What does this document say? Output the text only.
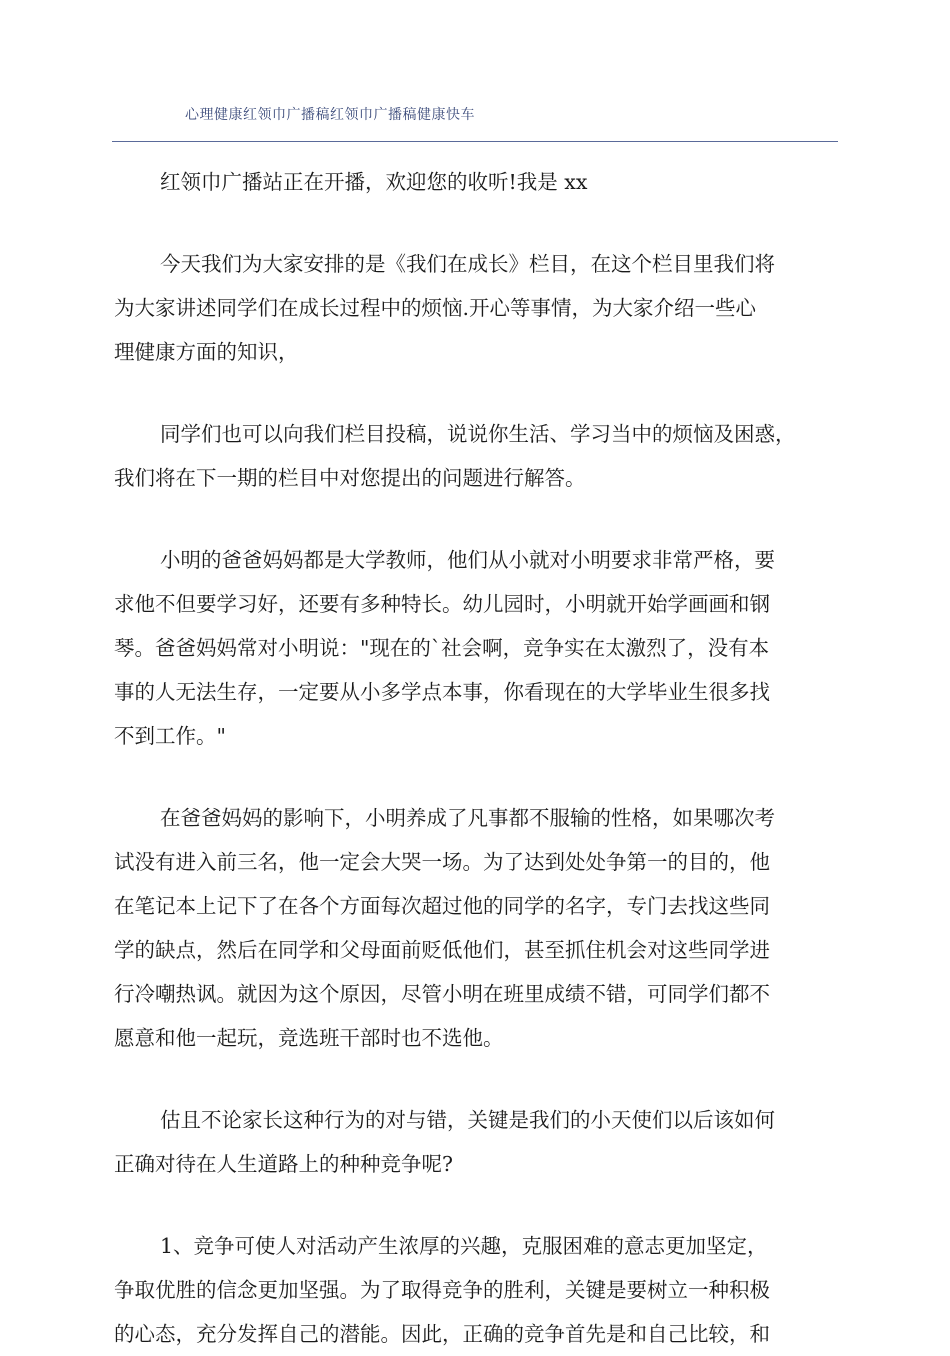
心理健康红领巾广播稿红领巾广播稿健康快车
红领巾广播站正在开播，欢迎您的收听!我是 xx
今天我们为大家安排的是《我们在成长》栏目，在这个栏目里我们将
为大家讲述同学们在成长过程中的烦恼.开心等事情，为大家介绍一些心
理健康方面的知识，
同学们也可以向我们栏目投稿，说说你生活、学习当中的烦恼及困惑，
我们将在下一期的栏目中对您提出的问题进行解答。
小明的爸爸妈妈都是大学教师，他们从小就对小明要求非常严格，要
求他不但要学习好，还要有多种特长。幼儿园时，小明就开始学画画和钢
琴。爸爸妈妈常对小明说："现在的`社会啊，竞争实在太激烈了，没有本
事的人无法生存，一定要从小多学点本事，你看现在的大学毕业生很多找
不到工作。"
在爸爸妈妈的影响下，小明养成了凡事都不服输的性格，如果哪次考
试没有进入前三名，他一定会大哭一场。为了达到处处争第一的目的，他
在笔记本上记下了在各个方面每次超过他的同学的名字，专门去找这些同
学的缺点，然后在同学和父母面前贬低他们，甚至抓住机会对这些同学进
行冷嘲热讽。就因为这个原因，尽管小明在班里成绩不错，可同学们都不
愿意和他一起玩，竞选班干部时也不选他。
估且不论家长这种行为的对与错，关键是我们的小天使们以后该如何
正确对待在人生道路上的种种竞争呢?
1、竞争可使人对活动产生浓厚的兴趣，克服困难的意志更加坚定，
争取优胜的信念更加坚强。为了取得竞争的胜利，关键是要树立一种积极
的心态，充分发挥自己的潜能。因此，正确的竞争首先是和自己比较，和
